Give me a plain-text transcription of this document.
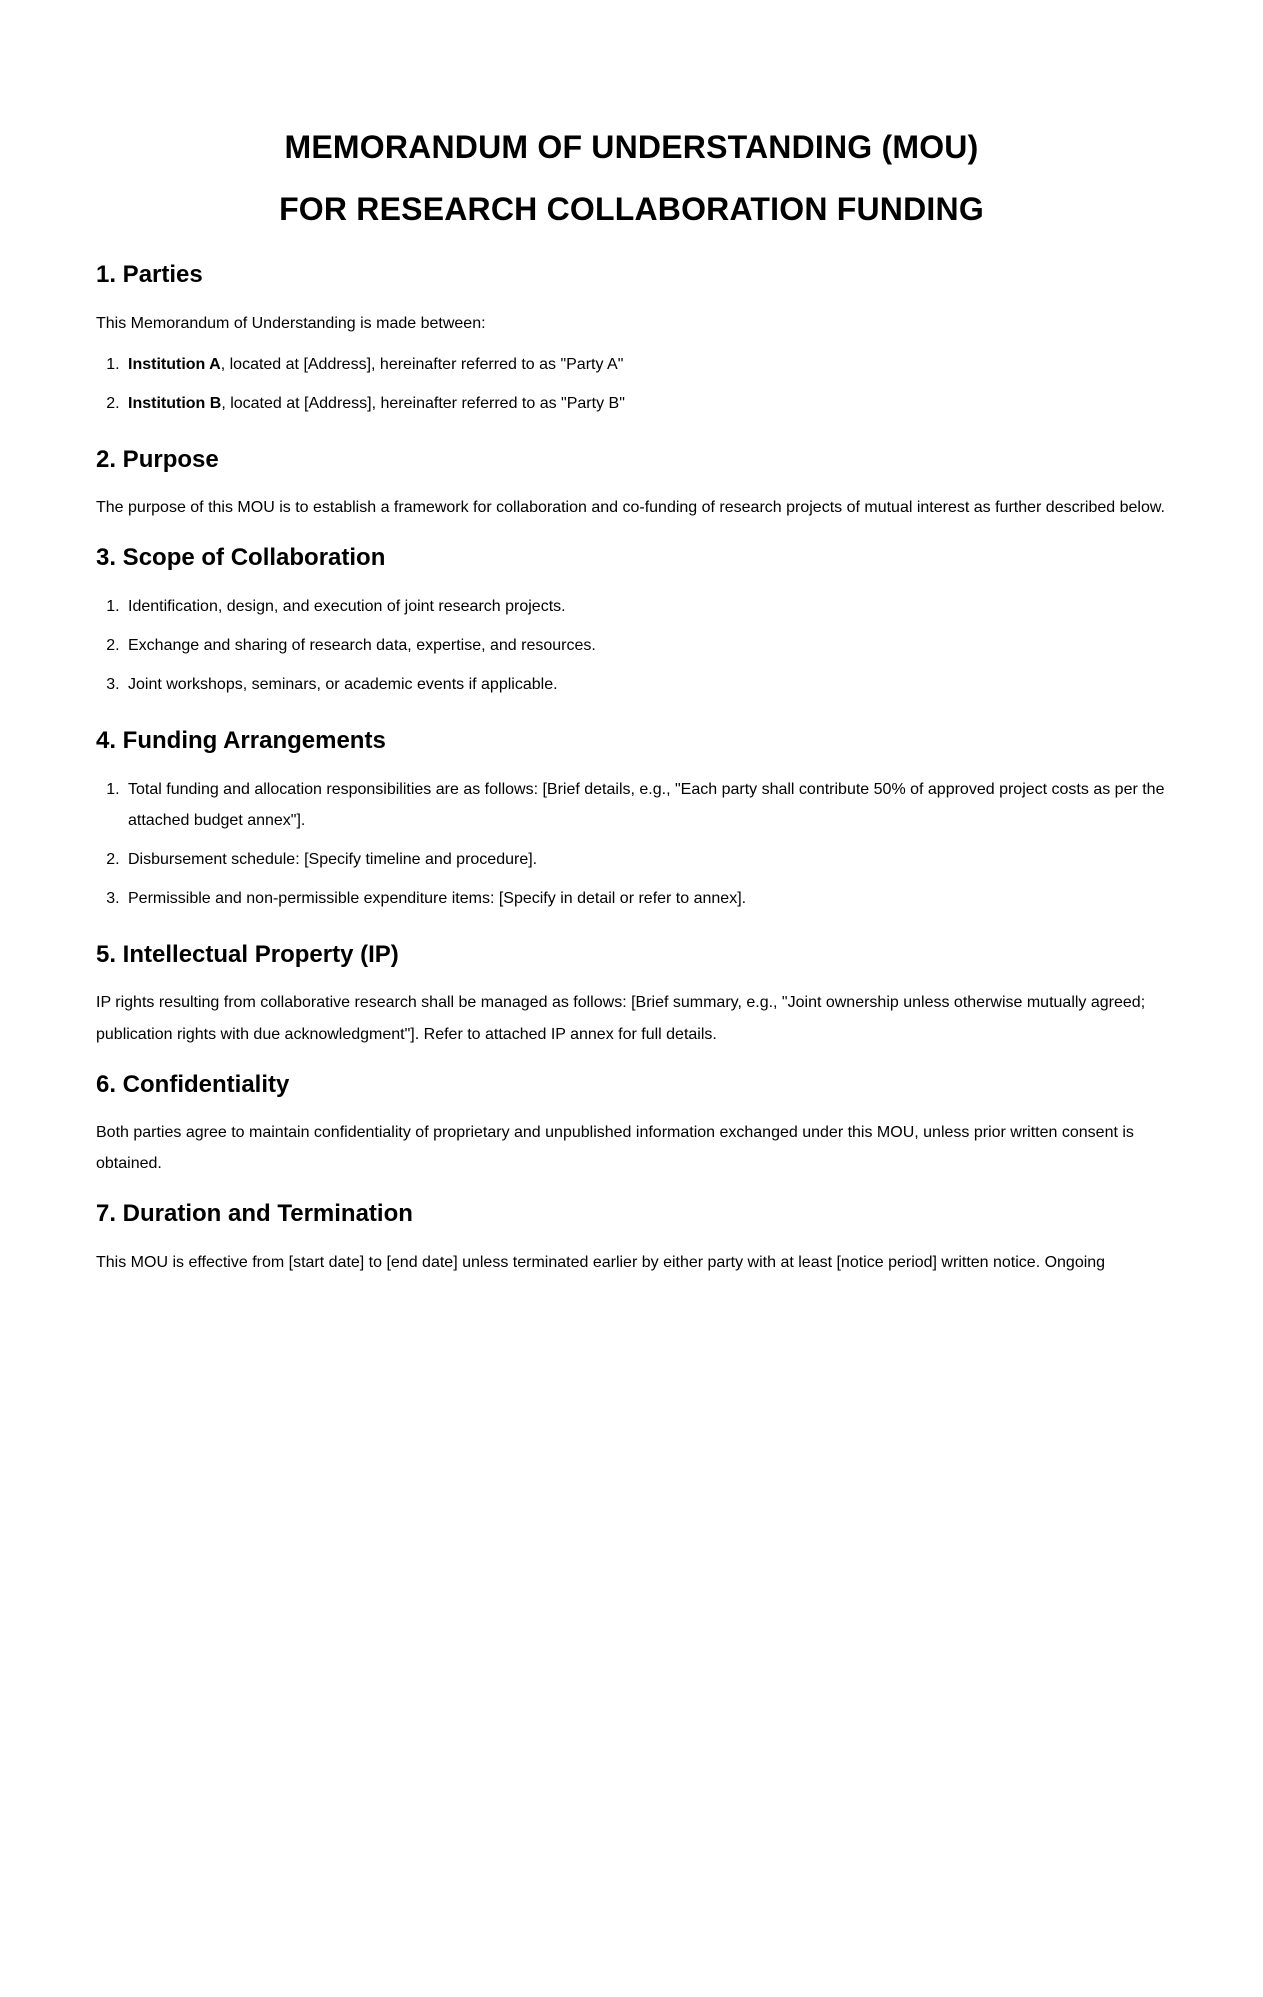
MEMORANDUM OF UNDERSTANDING (MOU)
FOR RESEARCH COLLABORATION FUNDING
1. Parties

This Memorandum of Understanding is made between:

1. Institution A, located at [Address], hereinafter referred to as "Party A"
2. Institution B, located at [Address], hereinafter referred to as "Party B"
2. Purpose

The purpose of this MOU is to establish a framework for collaboration and co-funding of research projects of mutual interest as further described below.

3. Scope of Collaboration
1. Identification, design, and execution of joint research projects.
2. Exchange and sharing of research data, expertise, and resources.
3. Joint workshops, seminars, or academic events if applicable.
4. Funding Arrangements
1. Total funding and allocation responsibilities are as follows: [Brief details, e.g., "Each party shall contribute 50% of approved project costs as per the attached budget annex"].
2. Disbursement schedule: [Specify timeline and procedure].
3. Permissible and non-permissible expenditure items: [Specify in detail or refer to annex].
5. Intellectual Property (IP)

IP rights resulting from collaborative research shall be managed as follows: [Brief summary, e.g., "Joint ownership unless otherwise mutually agreed; publication rights with due acknowledgment"]. Refer to attached IP annex for full details.

6. Confidentiality

Both parties agree to maintain confidentiality of proprietary and unpublished information exchanged under this MOU, unless prior written consent is obtained.

7. Duration and Termination

This MOU is effective from [start date] to [end date] unless terminated earlier by either party with at least [notice period] written notice. Ongoing
